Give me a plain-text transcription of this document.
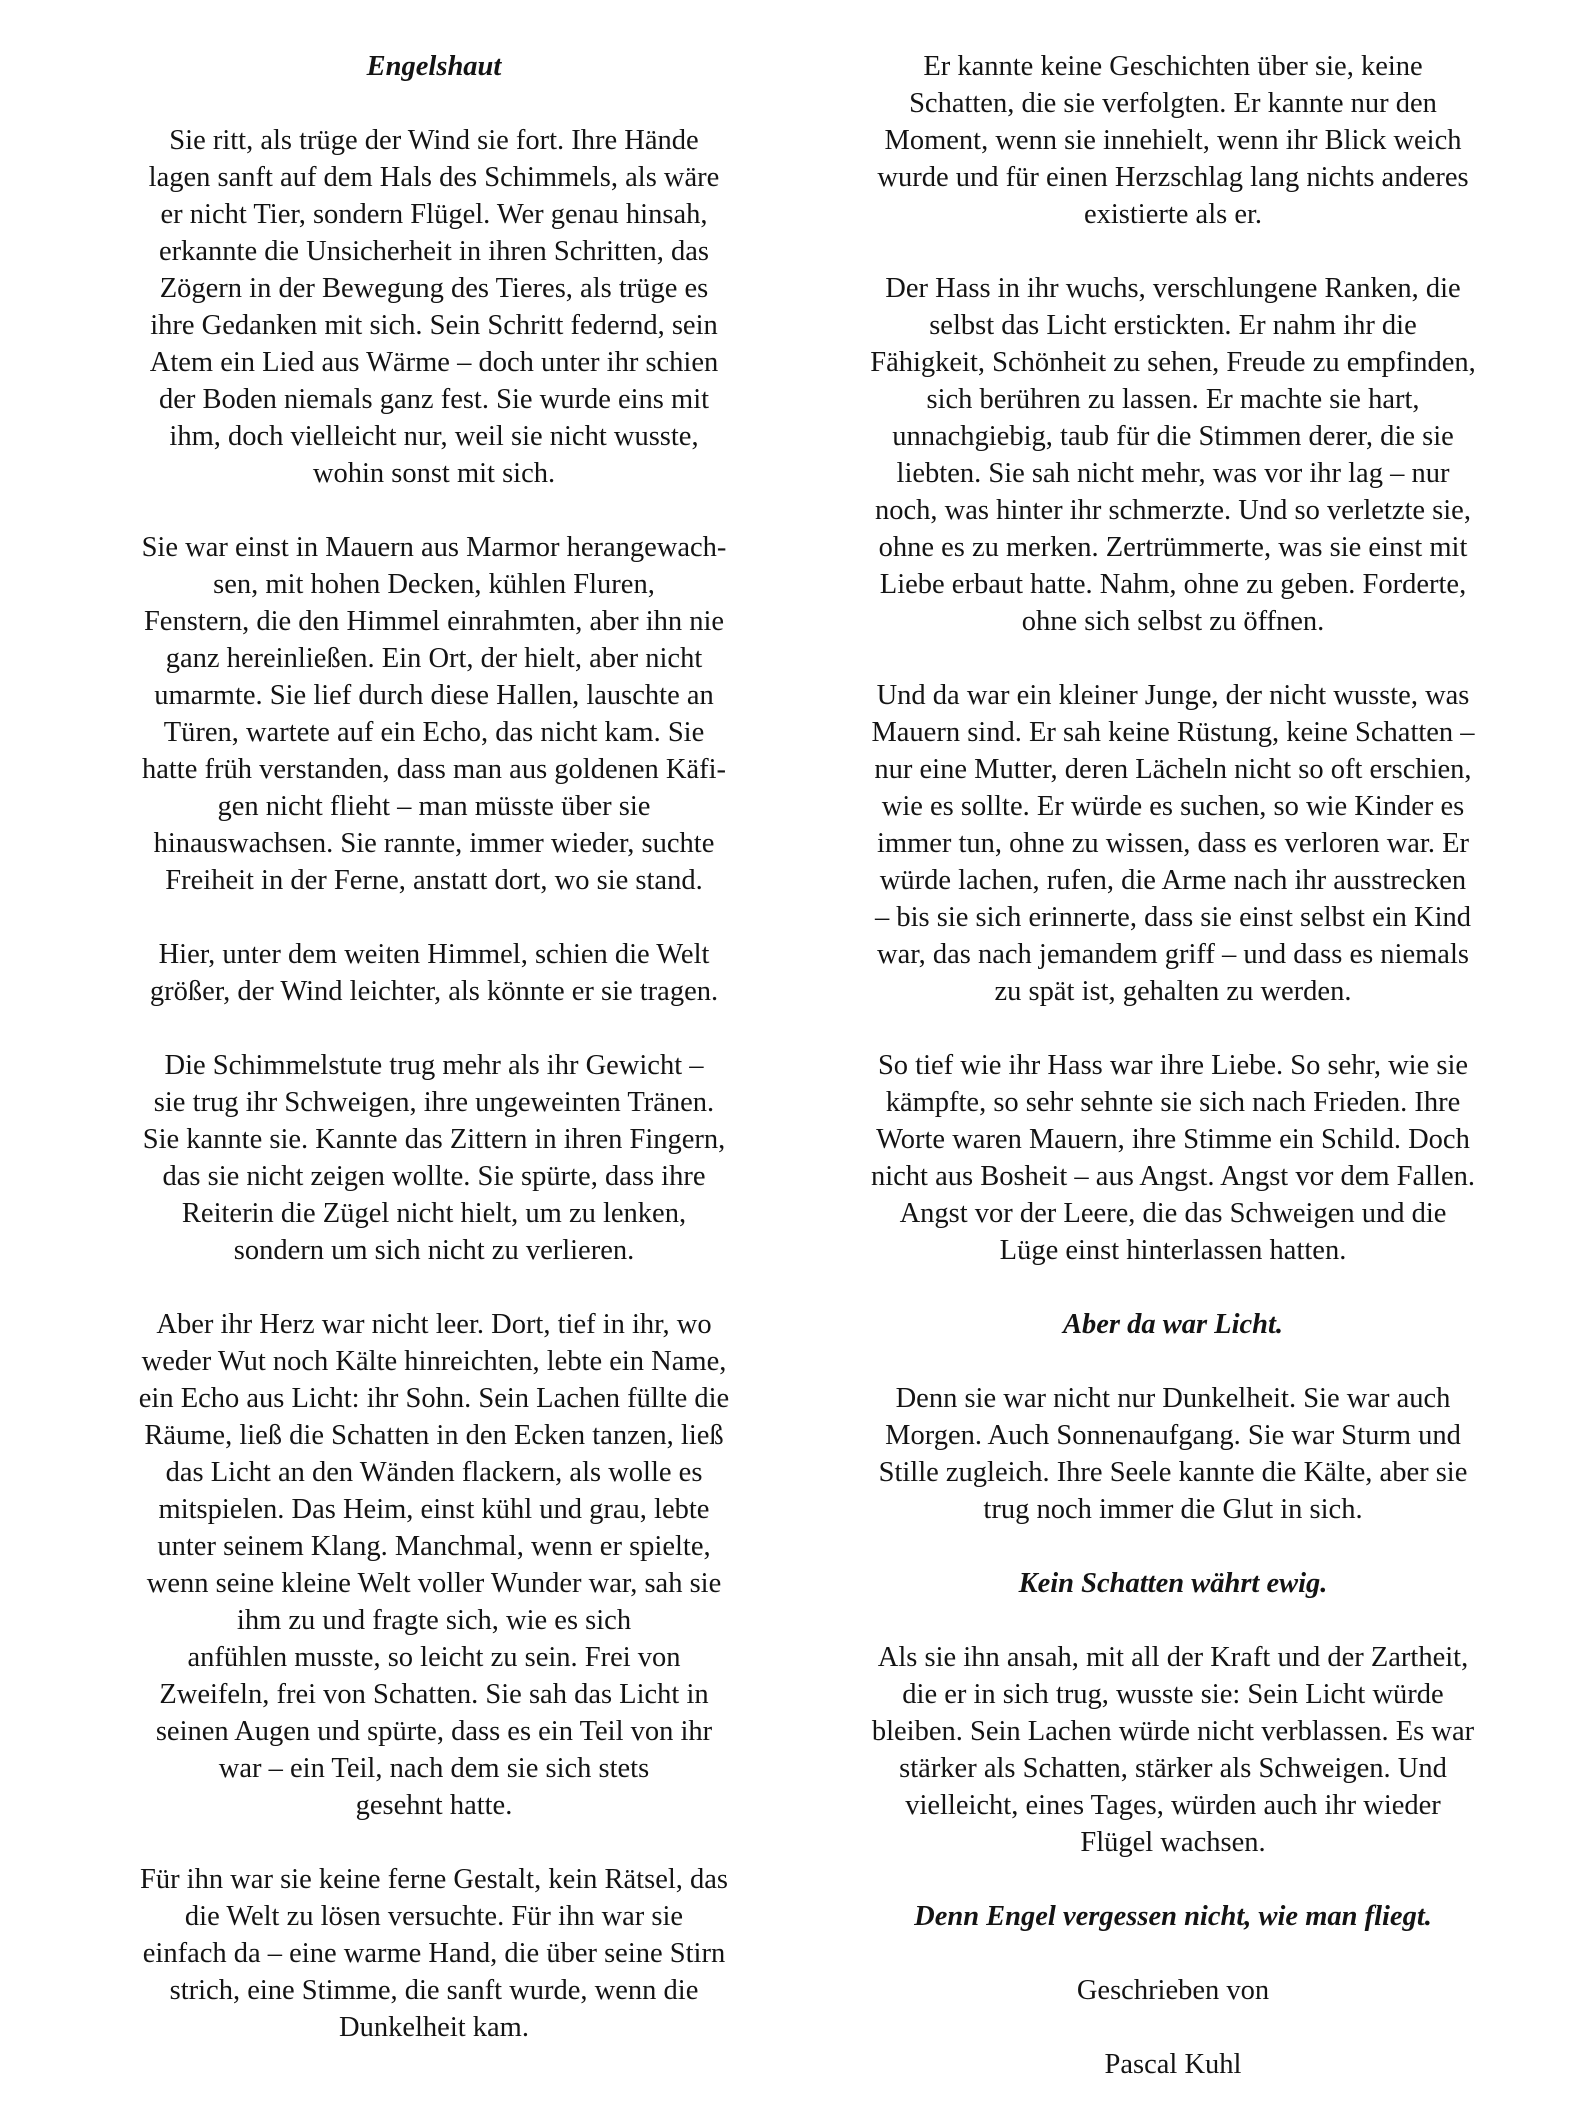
Engelshaut
Sie ritt, als trüge der Wind sie fort. Ihre Hände
lagen sanft auf dem Hals des Schimmels, als wäre
er nicht Tier, sondern Flügel. Wer genau hinsah,
erkannte die Unsicherheit in ihren Schritten, das
Zögern in der Bewegung des Tieres, als trüge es
ihre Gedanken mit sich. Sein Schritt federnd, sein
Atem ein Lied aus Wärme – doch unter ihr schien
der Boden niemals ganz fest. Sie wurde eins mit
ihm, doch vielleicht nur, weil sie nicht wusste,
wohin sonst mit sich.
Sie war einst in Mauern aus Marmor herangewach-
sen, mit hohen Decken, kühlen Fluren,
Fenstern, die den Himmel einrahmten, aber ihn nie
ganz hereinließen. Ein Ort, der hielt, aber nicht
umarmte. Sie lief durch diese Hallen, lauschte an
Türen, wartete auf ein Echo, das nicht kam. Sie
hatte früh verstanden, dass man aus goldenen Käfi-
gen nicht flieht – man müsste über sie
hinauswachsen. Sie rannte, immer wieder, suchte
Freiheit in der Ferne, anstatt dort, wo sie stand.
Hier, unter dem weiten Himmel, schien die Welt
größer, der Wind leichter, als könnte er sie tragen.
Die Schimmelstute trug mehr als ihr Gewicht –
sie trug ihr Schweigen, ihre ungeweinten Tränen.
Sie kannte sie. Kannte das Zittern in ihren Fingern,
das sie nicht zeigen wollte. Sie spürte, dass ihre
Reiterin die Zügel nicht hielt, um zu lenken,
sondern um sich nicht zu verlieren.
Aber ihr Herz war nicht leer. Dort, tief in ihr, wo
weder Wut noch Kälte hinreichten, lebte ein Name,
ein Echo aus Licht: ihr Sohn. Sein Lachen füllte die
Räume, ließ die Schatten in den Ecken tanzen, ließ
das Licht an den Wänden flackern, als wolle es
mitspielen. Das Heim, einst kühl und grau, lebte
unter seinem Klang. Manchmal, wenn er spielte,
wenn seine kleine Welt voller Wunder war, sah sie
ihm zu und fragte sich, wie es sich
anfühlen musste, so leicht zu sein. Frei von
Zweifeln, frei von Schatten. Sie sah das Licht in
seinen Augen und spürte, dass es ein Teil von ihr
war – ein Teil, nach dem sie sich stets
gesehnt hatte.
Für ihn war sie keine ferne Gestalt, kein Rätsel, das
die Welt zu lösen versuchte. Für ihn war sie
einfach da – eine warme Hand, die über seine Stirn
strich, eine Stimme, die sanft wurde, wenn die
Dunkelheit kam.
Er kannte keine Geschichten über sie, keine
Schatten, die sie verfolgten. Er kannte nur den
Moment, wenn sie innehielt, wenn ihr Blick weich
wurde und für einen Herzschlag lang nichts anderes
existierte als er.
Der Hass in ihr wuchs, verschlungene Ranken, die
selbst das Licht erstickten. Er nahm ihr die
Fähigkeit, Schönheit zu sehen, Freude zu empfinden,
sich berühren zu lassen. Er machte sie hart,
unnachgiebig, taub für die Stimmen derer, die sie
liebten. Sie sah nicht mehr, was vor ihr lag – nur
noch, was hinter ihr schmerzte. Und so verletzte sie,
ohne es zu merken. Zertrümmerte, was sie einst mit
Liebe erbaut hatte. Nahm, ohne zu geben. Forderte,
ohne sich selbst zu öffnen.
Und da war ein kleiner Junge, der nicht wusste, was
Mauern sind. Er sah keine Rüstung, keine Schatten –
nur eine Mutter, deren Lächeln nicht so oft erschien,
wie es sollte. Er würde es suchen, so wie Kinder es
immer tun, ohne zu wissen, dass es verloren war. Er
würde lachen, rufen, die Arme nach ihr ausstrecken
– bis sie sich erinnerte, dass sie einst selbst ein Kind
war, das nach jemandem griff – und dass es niemals
zu spät ist, gehalten zu werden.
So tief wie ihr Hass war ihre Liebe. So sehr, wie sie
kämpfte, so sehr sehnte sie sich nach Frieden. Ihre
Worte waren Mauern, ihre Stimme ein Schild. Doch
nicht aus Bosheit – aus Angst. Angst vor dem Fallen.
Angst vor der Leere, die das Schweigen und die
Lüge einst hinterlassen hatten.
Aber da war Licht.
Denn sie war nicht nur Dunkelheit. Sie war auch
Morgen. Auch Sonnenaufgang. Sie war Sturm und
Stille zugleich. Ihre Seele kannte die Kälte, aber sie
trug noch immer die Glut in sich.
Kein Schatten währt ewig.
Als sie ihn ansah, mit all der Kraft und der Zartheit,
die er in sich trug, wusste sie: Sein Licht würde
bleiben. Sein Lachen würde nicht verblassen. Es war
stärker als Schatten, stärker als Schweigen. Und
vielleicht, eines Tages, würden auch ihr wieder
Flügel wachsen.
Denn Engel vergessen nicht, wie man fliegt.
Geschrieben von
Pascal Kuhl
